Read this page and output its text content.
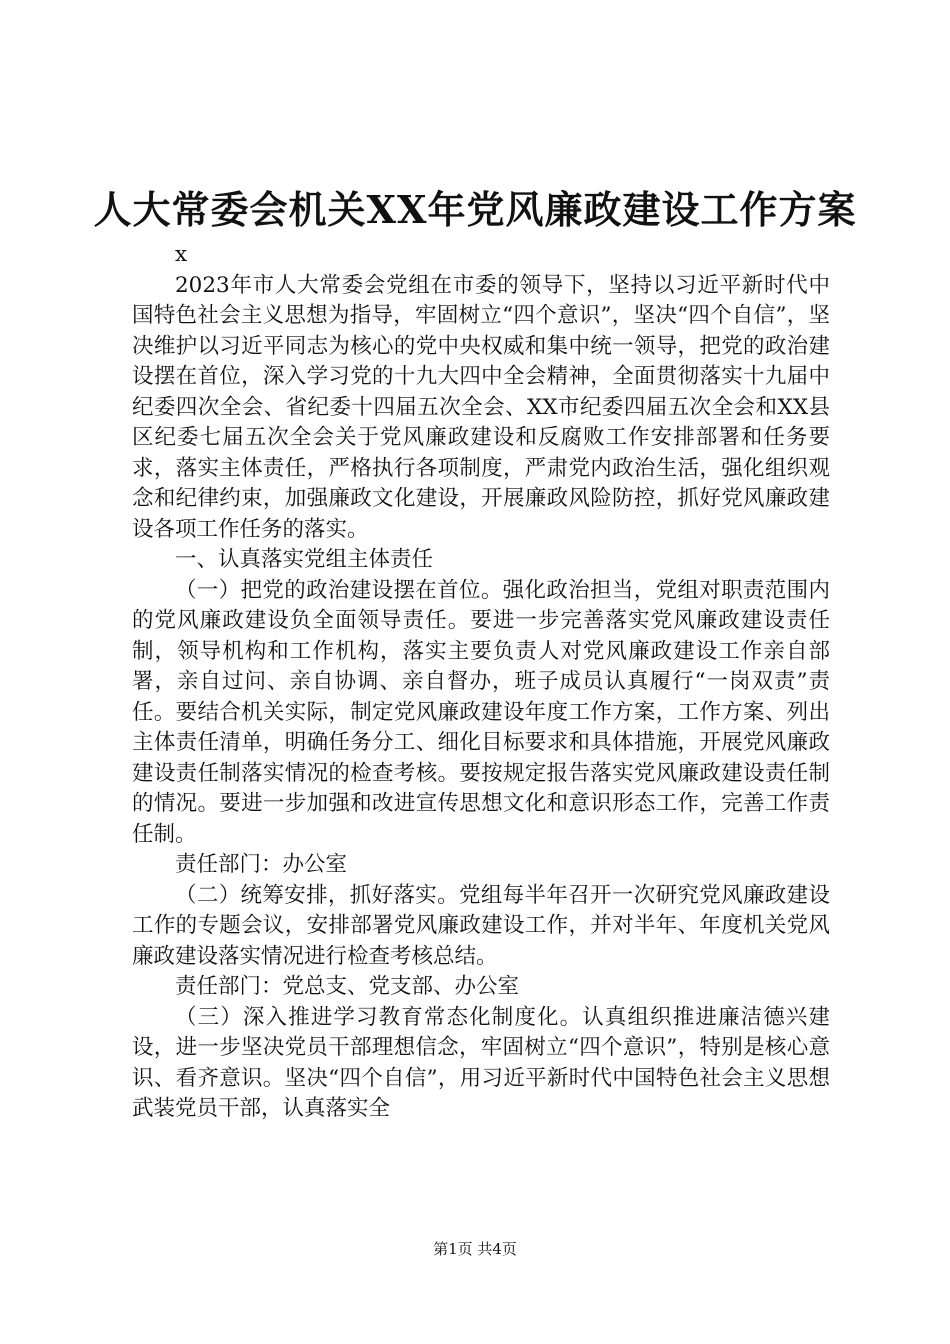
人大常委会机关XX年党风廉政建设工作方案

x

2023年市人大常委会党组在市委的领导下，坚持以习近平新时代中国特色社会主义思想为指导，牢固树立“四个意识”，坚决“四个自信”，坚决维护以习近平同志为核心的党中央权威和集中统一领导，把党的政治建设摆在首位，深入学习党的十九大四中全会精神，全面贯彻落实十九届中纪委四次全会、省纪委十四届五次全会、XX市纪委四届五次全会和XX县区纪委七届五次全会关于党风廉政建设和反腐败工作安排部署和任务要求，落实主体责任，严格执行各项制度，严肃党内政治生活，强化组织观念和纪律约束，加强廉政文化建设，开展廉政风险防控，抓好党风廉政建设各项工作任务的落实。

一、认真落实党组主体责任

（一）把党的政治建设摆在首位。强化政治担当，党组对职责范围内的党风廉政建设负全面领导责任。要进一步完善落实党风廉政建设责任制，领导机构和工作机构，落实主要负责人对党风廉政建设工作亲自部署，亲自过问、亲自协调、亲自督办，班子成员认真履行“一岗双责”责任。要结合机关实际，制定党风廉政建设年度工作方案，工作方案、列出主体责任清单，明确任务分工、细化目标要求和具体措施，开展党风廉政建设责任制落实情况的检查考核。要按规定报告落实党风廉政建设责任制的情况。要进一步加强和改进宣传思想文化和意识形态工作，完善工作责任制。

责任部门：办公室

（二）统筹安排，抓好落实。党组每半年召开一次研究党风廉政建设工作的专题会议，安排部署党风廉政建设工作，并对半年、年度机关党风廉政建设落实情况进行检查考核总结。

责任部门：党总支、党支部、办公室

（三）深入推进学习教育常态化制度化。认真组织推进廉洁德兴建设，进一步坚决党员干部理想信念，牢固树立“四个意识”，特别是核心意识、看齐意识。坚决“四个自信”，用习近平新时代中国特色社会主义思想武装党员干部，认真落实全

第1页 共4页
